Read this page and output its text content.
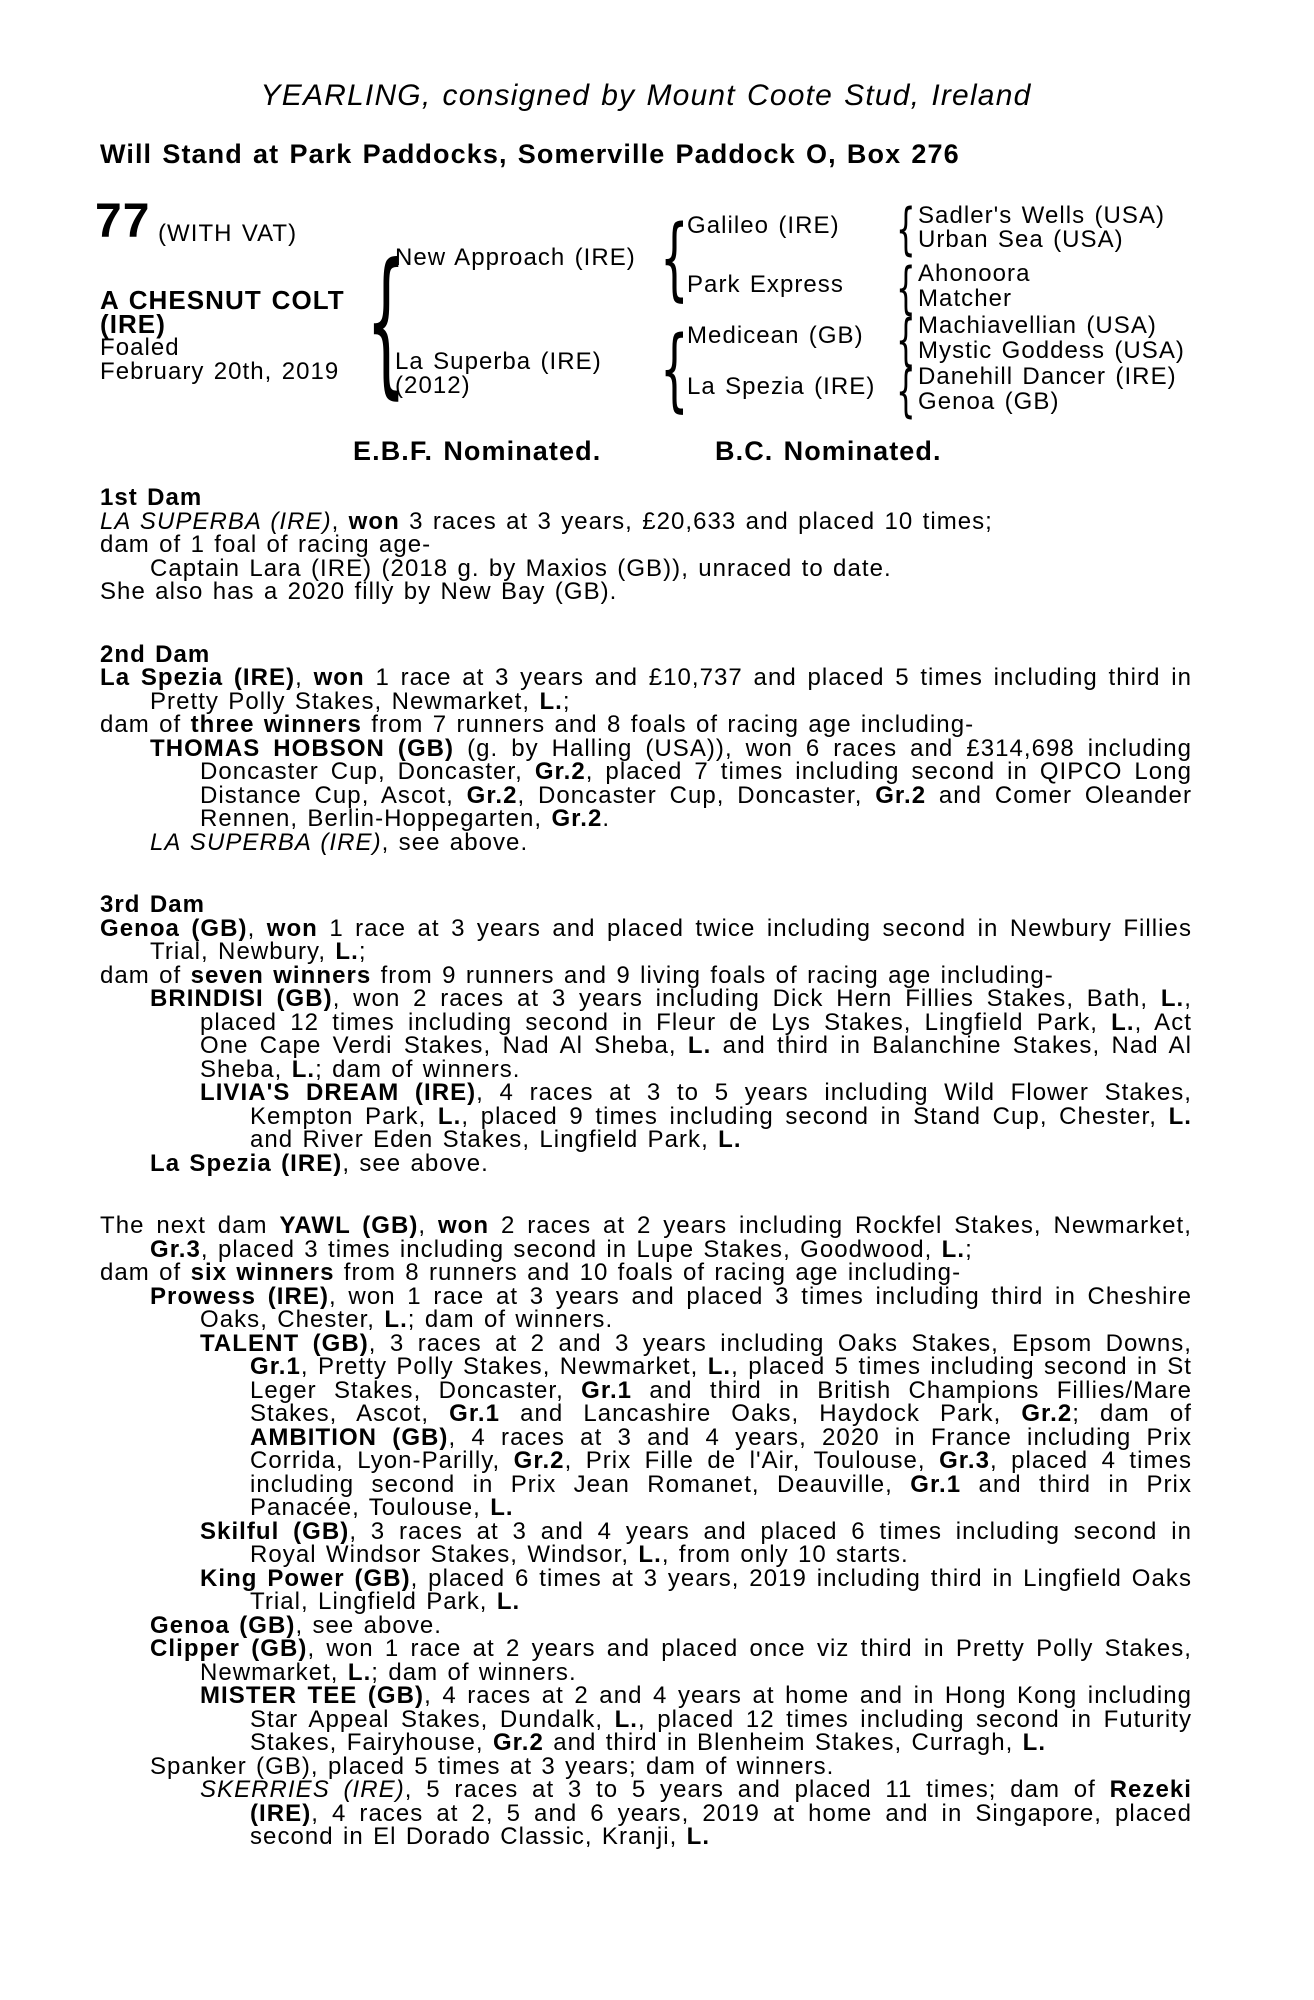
YEARLING, consigned by Mount Coote Stud, Ireland
Will Stand at Park Paddocks, Somerville Paddock O, Box 276
77 (WITH VAT)
A CHESNUT COLT
(IRE)
Foaled
February 20th, 2019 {	{
{
{
{
{
{
New Approach (IRE)
La Superba (IRE)
(2012)
Galileo (IRE)
Park Express
Medicean (GB)
La Spezia (IRE)
Sadler's Wells (USA)
Urban Sea (USA)
Ahonoora
Matcher
Machiavellian (USA)
Mystic Goddess (USA)
Danehill Dancer (IRE)
Genoa (GB)
E.B.F. Nominated.	B.C. Nominated.

1st Dam

LA SUPERBA (IRE), won 3 races at 3 years, £20,633 and placed 10 times;

dam of 1 foal of racing age-

Captain Lara (IRE) (2018 g. by Maxios (GB)), unraced to date.

She also has a 2020 filly by New Bay (GB).

2nd Dam

La Spezia (IRE), won 1 race at 3 years and £10,737 and placed 5 times including third in Pretty Polly Stakes, Newmarket, L.;

dam of three winners from 7 runners and 8 foals of racing age including-

THOMAS HOBSON (GB) (g. by Halling (USA)), won 6 races and £314,698 including Doncaster Cup, Doncaster, Gr.2, placed 7 times including second in QIPCO Long Distance Cup, Ascot, Gr.2, Doncaster Cup, Doncaster, Gr.2 and Comer Oleander Rennen, Berlin-Hoppegarten, Gr.2.

LA SUPERBA (IRE), see above.

3rd Dam

Genoa (GB), won 1 race at 3 years and placed twice including second in Newbury Fillies Trial, Newbury, L.;

dam of seven winners from 9 runners and 9 living foals of racing age including-

BRINDISI (GB), won 2 races at 3 years including Dick Hern Fillies Stakes, Bath, L., placed 12 times including second in Fleur de Lys Stakes, Lingfield Park, L., Act One Cape Verdi Stakes, Nad Al Sheba, L. and third in Balanchine Stakes, Nad Al Sheba, L.; dam of winners.

LIVIA'S DREAM (IRE), 4 races at 3 to 5 years including Wild Flower Stakes, Kempton Park, L., placed 9 times including second in Stand Cup, Chester, L. and River Eden Stakes, Lingfield Park, L.

La Spezia (IRE), see above.

The next dam YAWL (GB), won 2 races at 2 years including Rockfel Stakes, Newmarket, Gr.3, placed 3 times including second in Lupe Stakes, Goodwood, L.;

dam of six winners from 8 runners and 10 foals of racing age including-

Prowess (IRE), won 1 race at 3 years and placed 3 times including third in Cheshire Oaks, Chester, L.; dam of winners.

TALENT (GB), 3 races at 2 and 3 years including Oaks Stakes, Epsom Downs, Gr.1, Pretty Polly Stakes, Newmarket, L., placed 5 times including second in St Leger Stakes, Doncaster, Gr.1 and third in British Champions Fillies/Mare Stakes, Ascot, Gr.1 and Lancashire Oaks, Haydock Park, Gr.2; dam of AMBITION (GB), 4 races at 3 and 4 years, 2020 in France including Prix Corrida, Lyon-Parilly, Gr.2, Prix Fille de l'Air, Toulouse, Gr.3, placed 4 times including second in Prix Jean Romanet, Deauville, Gr.1 and third in Prix Panacée, Toulouse, L.

Skilful (GB), 3 races at 3 and 4 years and placed 6 times including second in Royal Windsor Stakes, Windsor, L., from only 10 starts.

King Power (GB), placed 6 times at 3 years, 2019 including third in Lingfield Oaks Trial, Lingfield Park, L.

Genoa (GB), see above.

Clipper (GB), won 1 race at 2 years and placed once viz third in Pretty Polly Stakes, Newmarket, L.; dam of winners.

MISTER TEE (GB), 4 races at 2 and 4 years at home and in Hong Kong including Star Appeal Stakes, Dundalk, L., placed 12 times including second in Futurity Stakes, Fairyhouse, Gr.2 and third in Blenheim Stakes, Curragh, L.

Spanker (GB), placed 5 times at 3 years; dam of winners.

SKERRIES (IRE), 5 races at 3 to 5 years and placed 11 times; dam of Rezeki (IRE), 4 races at 2, 5 and 6 years, 2019 at home and in Singapore, placed second in El Dorado Classic, Kranji, L.
